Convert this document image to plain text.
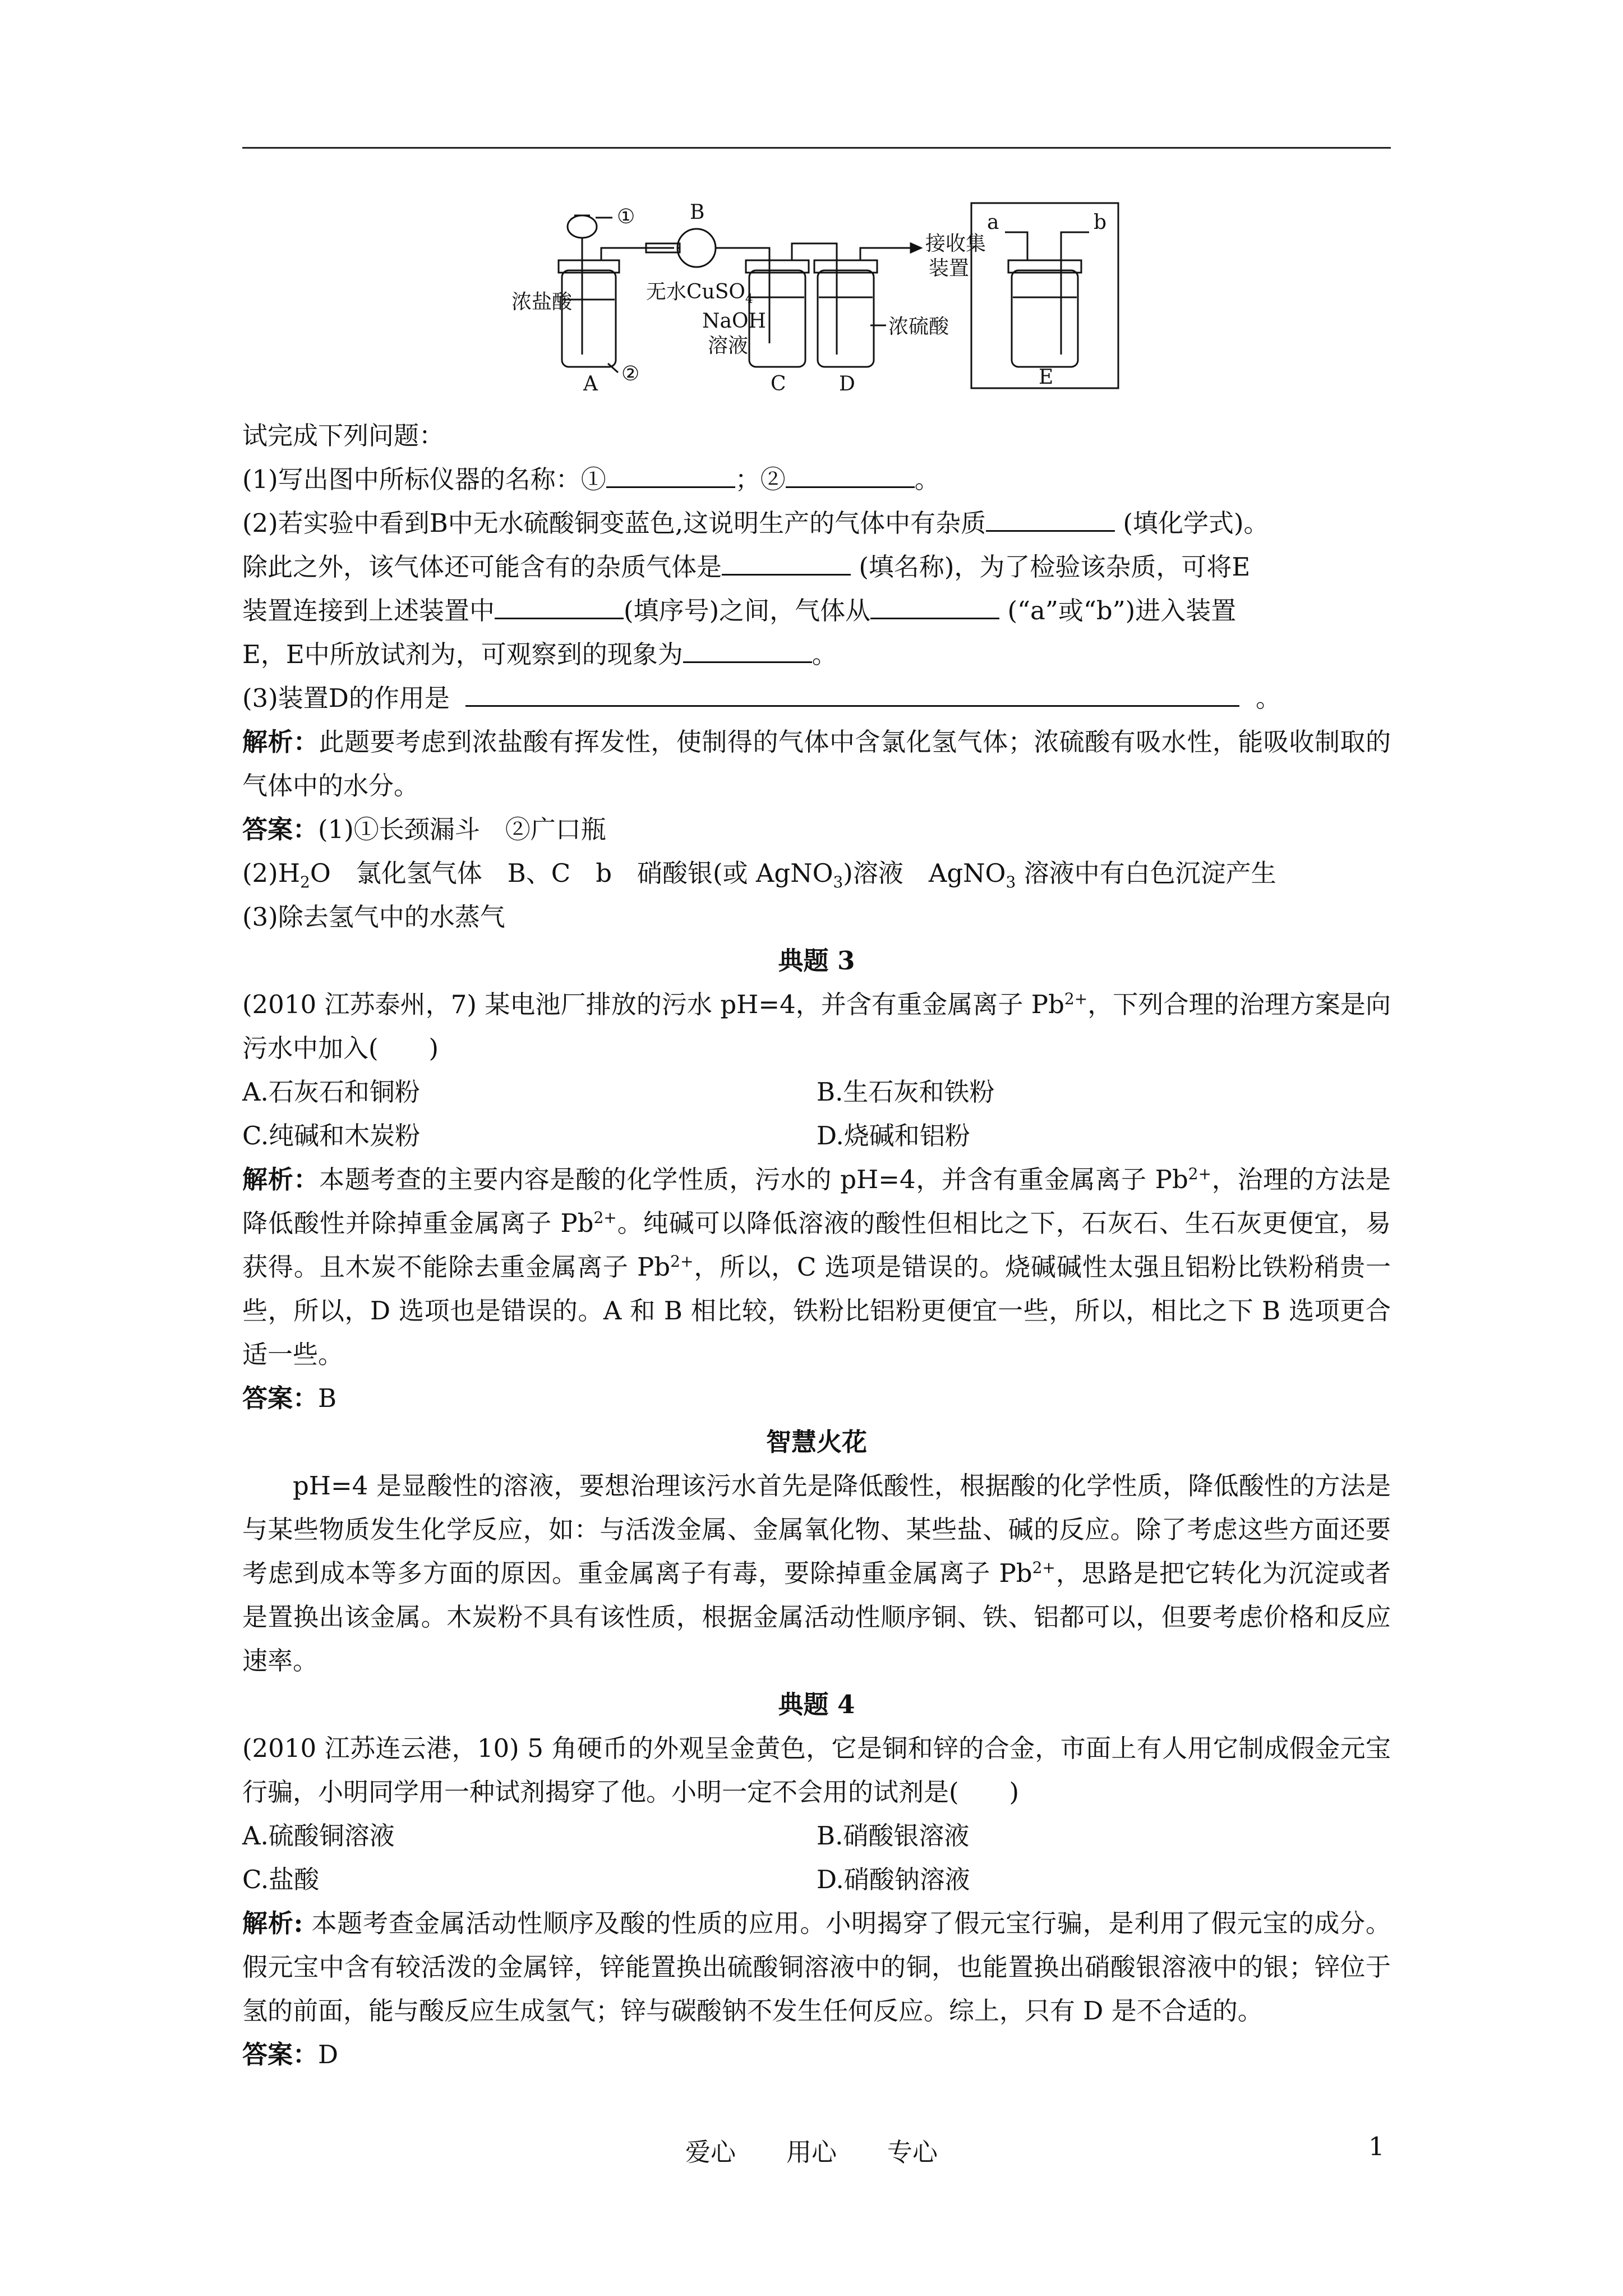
①	B
浓盐酸	无水CuSO$_4$
NaOH
溶液
浓硫酸
接收集
装置
②
A	C	D	E
a	b

试完成下列问题：

(1)写出图中所标仪器的名称：①	；②	。

(2)若实验中看到B中无水硫酸铜变蓝色,这说明生产的气体中有杂质	(填化学式)。
除此之外，该气体还可能含有的杂质气体是	(填名称)，为了检验该杂质，可将E
装置连接到上述装置中	(填序号)之间，气体从	(“a”或“b”)进入装置
E，E中所放试剂为，可观察到的现象为	。

(3)装置D的作用是	。

解析：此题要考虑到浓盐酸有挥发性，使制得的气体中含氯化氢气体；浓硫酸有吸水性，能吸收制取的气体中的水分。

答案：(1)①长颈漏斗　②广口瓶

$(2)H_2O$　氯化氢气体　B、C　b　硝酸银(或 AgNO$_3$)溶液　AgNO$_3$ 溶液中有白色沉淀产生

(3)除去氢气中的水蒸气

典题 3

(2010 江苏泰州，7) 某电池厂排放的污水 pH=4，并含有重金属离子 $Pb^{2+}$，下列合理的治理方案是向污水中加入(　　)

A.石灰石和铜粉	B.生石灰和铁粉
C.纯碱和木炭粉	D.烧碱和铝粉

解析：本题考查的主要内容是酸的化学性质，污水的 pH=4，并含有重金属离子 $Pb^{2+}$，治理的方法是降低酸性并除掉重金属离子 $Pb^{2+}$。纯碱可以降低溶液的酸性但相比之下，石灰石、生石灰更便宜，易获得。且木炭不能除去重金属离子 $Pb^{2+}$，所以，C 选项是错误的。烧碱碱性太强且铝粉比铁粉稍贵一些，所以，D 选项也是错误的。A 和 B 相比较，铁粉比铝粉更便宜一些，所以，相比之下 B 选项更合适一些。

答案：B

智慧火花

pH=4 是显酸性的溶液，要想治理该污水首先是降低酸性，根据酸的化学性质，降低酸性的方法是与某些物质发生化学反应，如：与活泼金属、金属氧化物、某些盐、碱的反应。除了考虑这些方面还要考虑到成本等多方面的原因。重金属离子有毒，要除掉重金属离子 $Pb^{2+}$，思路是把它转化为沉淀或者是置换出该金属。木炭粉不具有该性质，根据金属活动性顺序铜、铁、铝都可以，但要考虑价格和反应速率。

典题 4

(2010 江苏连云港，10) 5 角硬币的外观呈金黄色，它是铜和锌的合金，市面上有人用它制成假金元宝行骗，小明同学用一种试剂揭穿了他。小明一定不会用的试剂是(　　)

A.硫酸铜溶液	B.硝酸银溶液
C.盐酸	D.硝酸钠溶液

解析: 本题考查金属活动性顺序及酸的性质的应用。小明揭穿了假元宝行骗，是利用了假元宝的成分。假元宝中含有较活泼的金属锌，锌能置换出硫酸铜溶液中的铜，也能置换出硝酸银溶液中的银；锌位于氢的前面，能与酸反应生成氢气；锌与碳酸钠不发生任何反应。综上，只有 D 是不合适的。

答案：D

爱心 用心 专心	1
